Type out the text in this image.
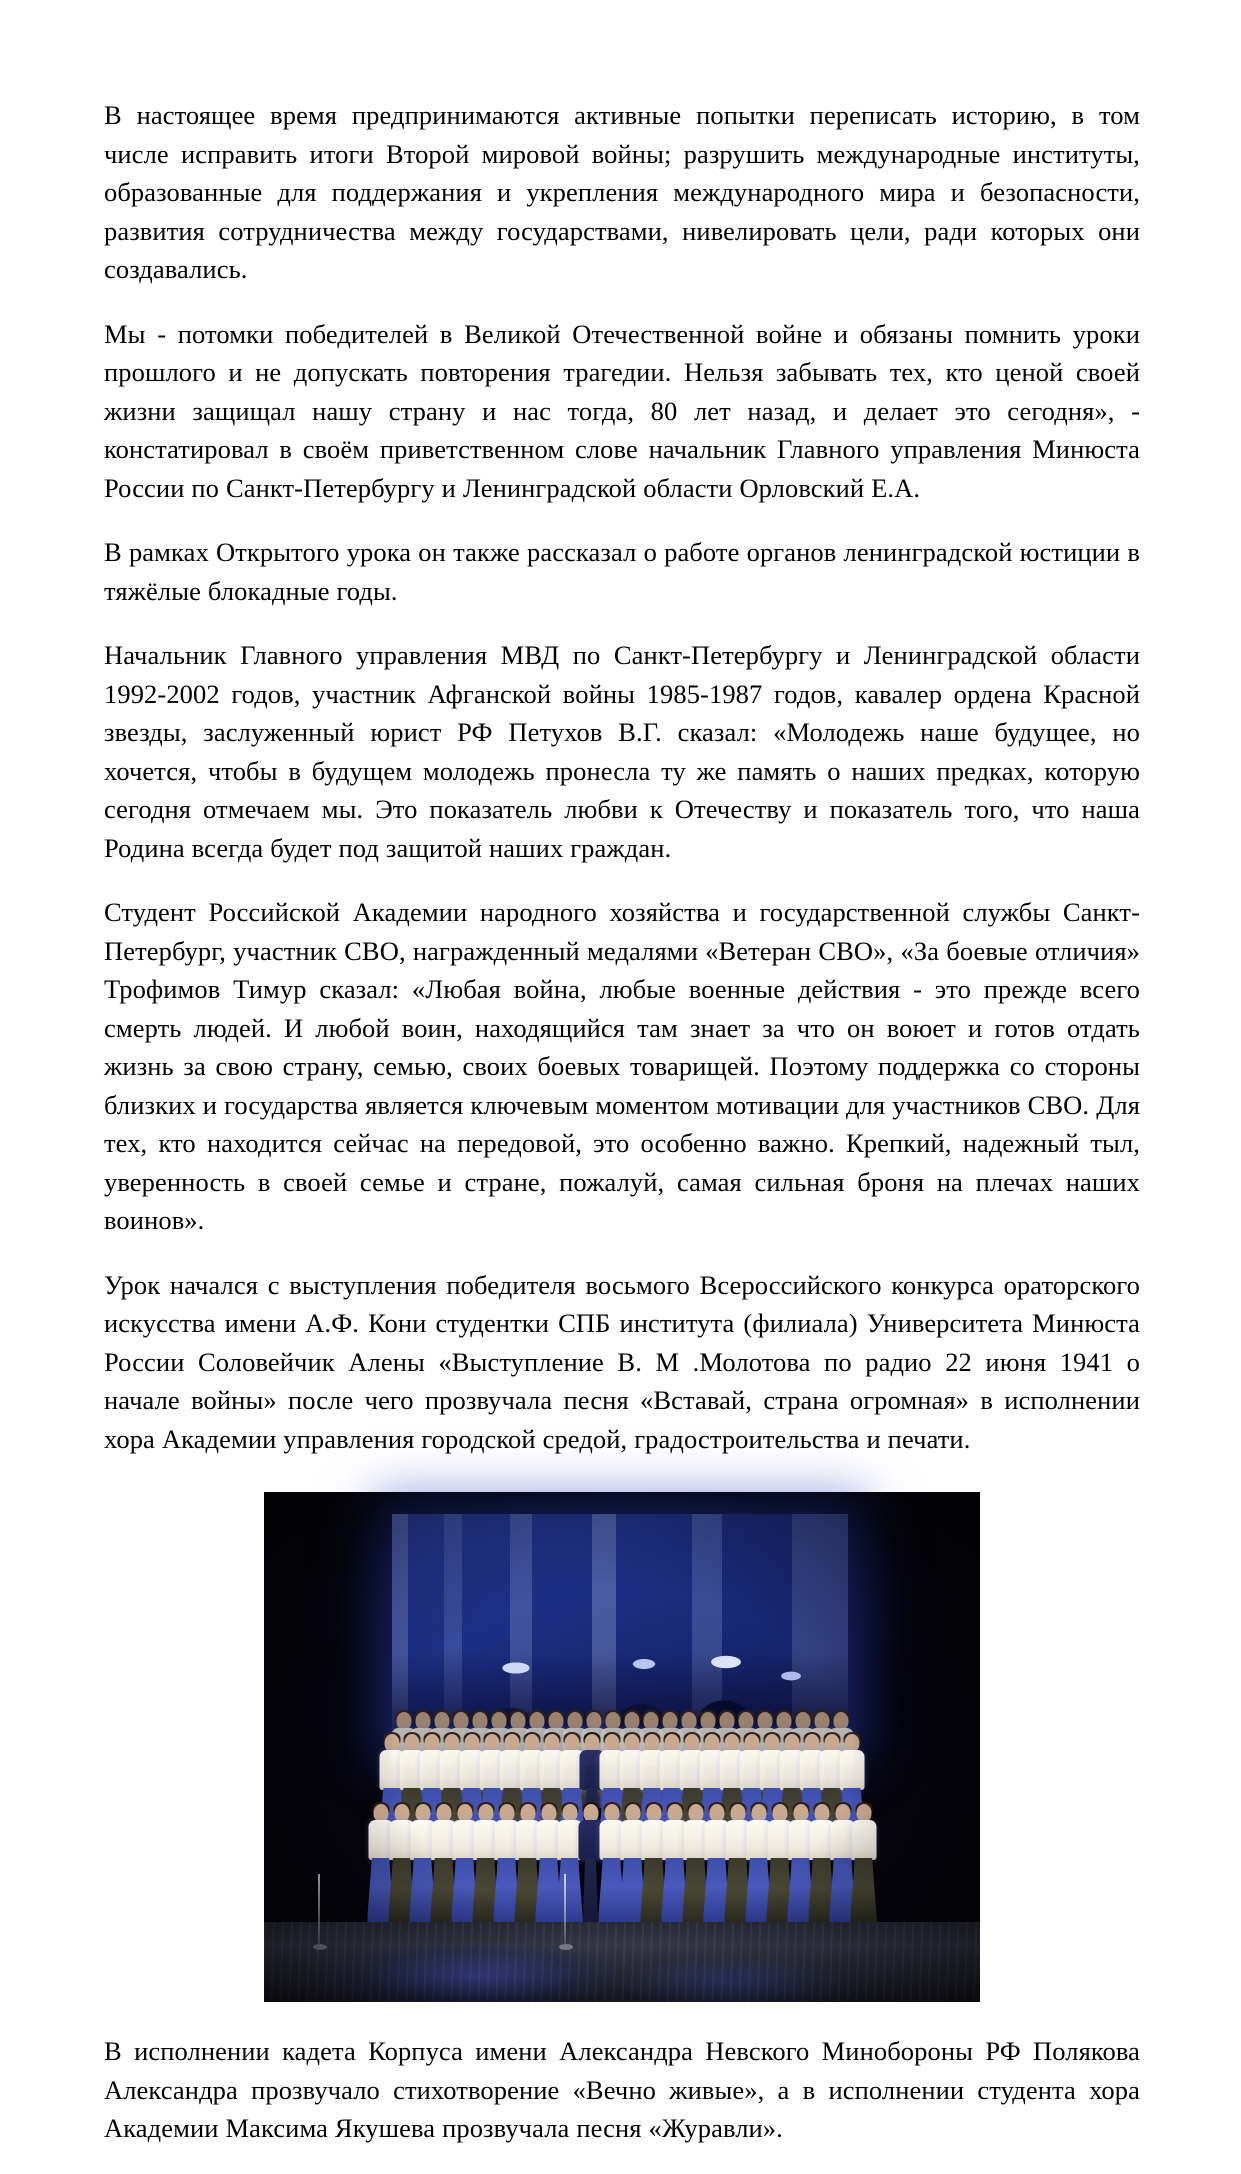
В настоящее время предпринимаются активные попытки переписать историю, в том числе исправить итоги Второй мировой войны; разрушить международные институты, образованные для поддержания и укрепления международного мира и безопасности, развития сотрудничества между государствами, нивелировать цели, ради которых они создавались.

Мы - потомки победителей в Великой Отечественной войне и обязаны помнить уроки прошлого и не допускать повторения трагедии. Нельзя забывать тех, кто ценой своей жизни защищал нашу страну и нас тогда, 80 лет назад, и делает это сегодня», - констатировал в своём приветственном слове начальник Главного управления Минюста России по Санкт-Петербургу и Ленинградской области Орловский Е.А.

В рамках Открытого урока он также рассказал о работе органов ленинградской юстиции в тяжёлые блокадные годы.

Начальник Главного управления МВД по Санкт-Петербургу и Ленинградской области 1992-2002 годов, участник Афганской войны 1985-1987 годов, кавалер ордена Красной звезды, заслуженный юрист РФ Петухов В.Г. сказал: «Молодежь наше будущее, но хочется, чтобы в будущем молодежь пронесла ту же память о наших предках, которую сегодня отмечаем мы. Это показатель любви к Отечеству и показатель того, что наша Родина всегда будет под защитой наших граждан.

Студент Российской Академии народного хозяйства и государственной службы Санкт-Петербург, участник СВО, награжденный медалями «Ветеран СВО», «За боевые отличия» Трофимов Тимур сказал: «Любая война, любые военные действия - это прежде всего смерть людей. И любой воин, находящийся там знает за что он воюет и готов отдать жизнь за свою страну, семью, своих боевых товарищей. Поэтому поддержка со стороны близких и государства является ключевым моментом мотивации для участников СВО. Для тех, кто находится сейчас на передовой, это особенно важно. Крепкий, надежный тыл, уверенность в своей семье и стране, пожалуй, самая сильная броня на плечах наших воинов».

Урок начался с выступления победителя восьмого Всероссийского конкурса ораторского искусства имени А.Ф. Кони студентки СПБ института (филиала) Университета Минюста России Соловейчик Алены «Выступление В. М .Молотова по радио 22 июня 1941 о начале войны» после чего прозвучала песня «Вставай, страна огромная» в исполнении хора Академии управления городской средой, градостроительства и печати.

В исполнении кадета Корпуса имени Александра Невского Минобороны РФ Полякова Александра прозвучало стихотворение «Вечно живые», а в исполнении студента хора Академии Максима Якушева прозвучала песня «Журавли».
